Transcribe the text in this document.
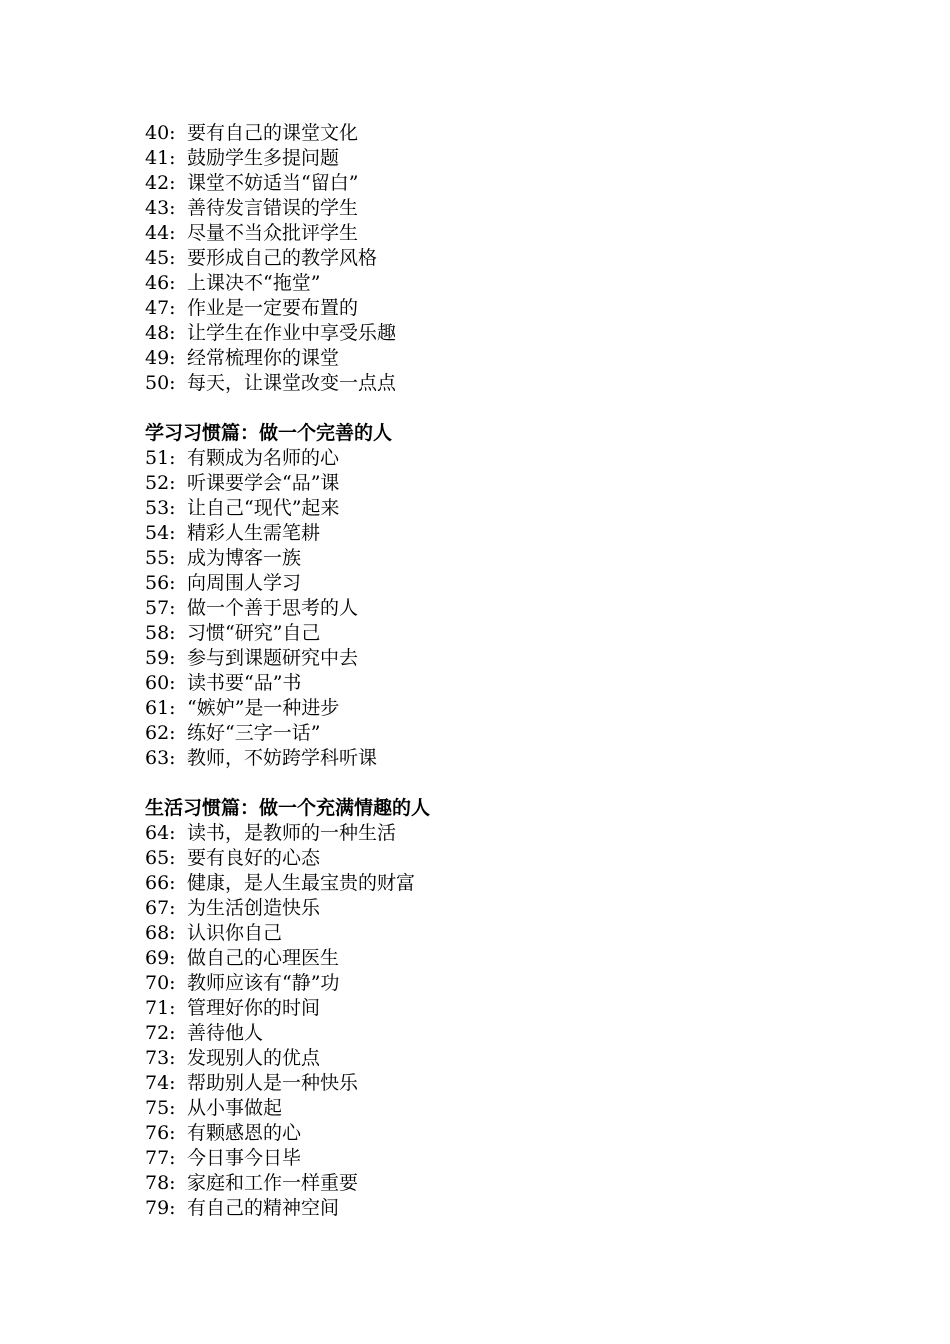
40: 要有自己的课堂文化
41: 鼓励学生多提问题
42: 课堂不妨适当“留白”
43: 善待发言错误的学生
44: 尽量不当众批评学生
45: 要形成自己的教学风格
46: 上课决不“拖堂”
47: 作业是一定要布置的
48: 让学生在作业中享受乐趣
49: 经常梳理你的课堂
50: 每天，让课堂改变一点点
学习习惯篇：做一个完善的人
51: 有颗成为名师的心
52: 听课要学会“品”课
53: 让自己“现代”起来
54: 精彩人生需笔耕
55: 成为博客一族
56: 向周围人学习
57: 做一个善于思考的人
58: 习惯“研究”自己
59: 参与到课题研究中去
60: 读书要“品”书
61: “嫉妒”是一种进步
62: 练好“三字一话”
63: 教师，不妨跨学科听课
生活习惯篇：做一个充满情趣的人
64: 读书，是教师的一种生活
65: 要有良好的心态
66: 健康，是人生最宝贵的财富
67: 为生活创造快乐
68: 认识你自己
69: 做自己的心理医生
70: 教师应该有“静”功
71: 管理好你的时间
72: 善待他人
73: 发现别人的优点
74: 帮助别人是一种快乐
75: 从小事做起
76: 有颗感恩的心
77: 今日事今日毕
78: 家庭和工作一样重要
79: 有自己的精神空间
